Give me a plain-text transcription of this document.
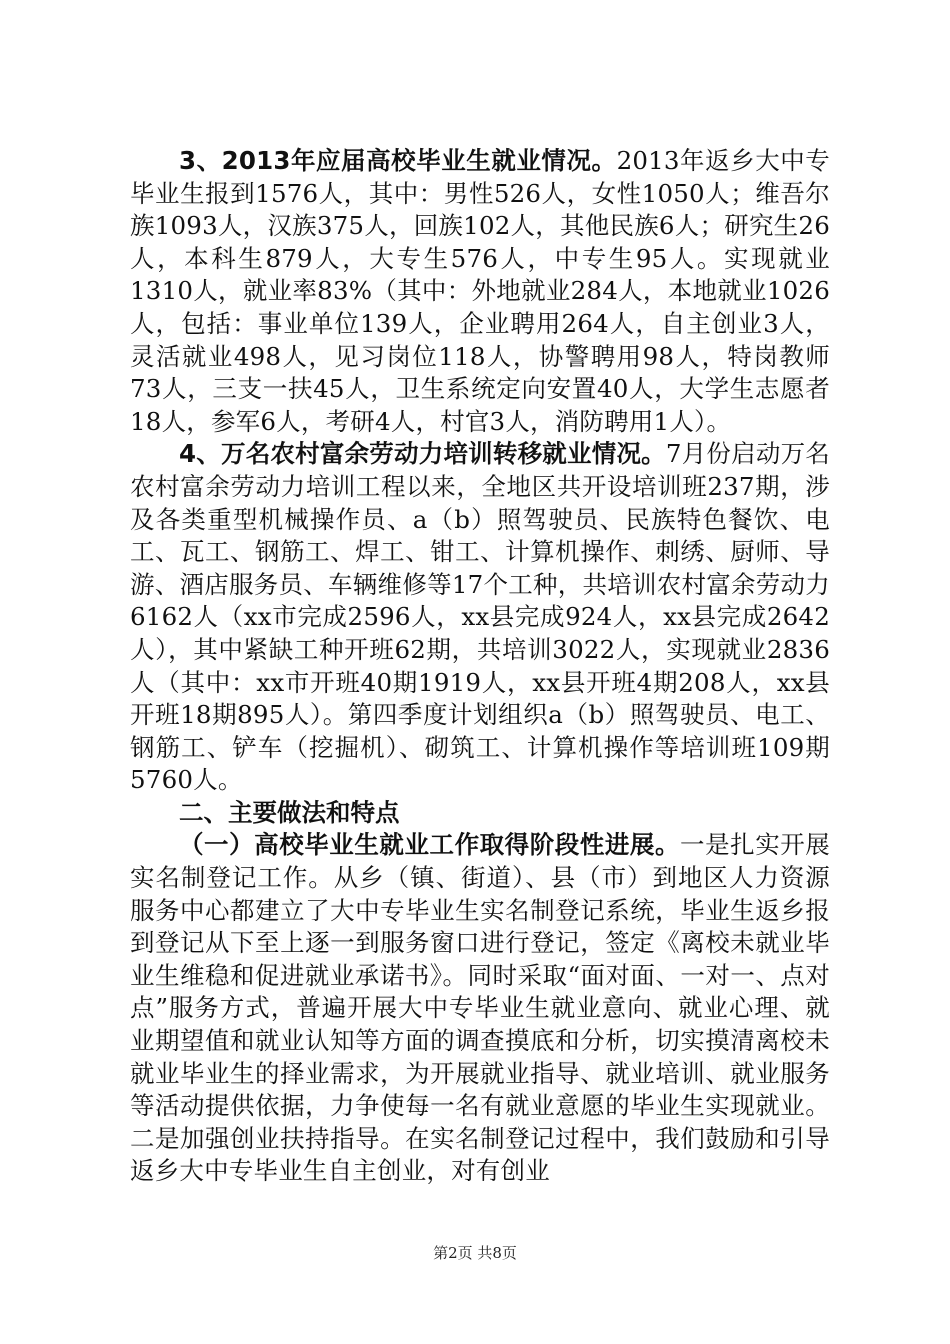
3、2013年应届高校毕业生就业情况。2013年返乡大中专毕业生报到1576人，其中：男性526人，女性1050人；维吾尔族1093人，汉族375人，回族102人，其他民族6人；研究生26人，本科生879人，大专生576人，中专生95人。实现就业1310人，就业率83%（其中：外地就业284人，本地就业1026人，包括：事业单位139人，企业聘用264人，自主创业3人，灵活就业498人，见习岗位118人，协警聘用98人，特岗教师73人，三支一扶45人，卫生系统定向安置40人，大学生志愿者18人，参军6人，考研4人，村官3人，消防聘用1人）。

4、万名农村富余劳动力培训转移就业情况。7月份启动万名农村富余劳动力培训工程以来，全地区共开设培训班237期，涉及各类重型机械操作员、a（b）照驾驶员、民族特色餐饮、电工、瓦工、钢筋工、焊工、钳工、计算机操作、刺绣、厨师、导游、酒店服务员、车辆维修等17个工种，共培训农村富余劳动力6162人（xx市完成2596人，xx县完成924人，xx县完成2642人），其中紧缺工种开班62期，共培训3022人，实现就业2836人（其中：xx市开班40期1919人，xx县开班4期208人，xx县开班18期895人）。第四季度计划组织a（b）照驾驶员、电工、钢筋工、铲车（挖掘机）、砌筑工、计算机操作等培训班109期5760人。

二、主要做法和特点

（一）高校毕业生就业工作取得阶段性进展。一是扎实开展实名制登记工作。从乡（镇、街道）、县（市）到地区人力资源服务中心都建立了大中专毕业生实名制登记系统，毕业生返乡报到登记从下至上逐一到服务窗口进行登记，签定《离校未就业毕业生维稳和促进就业承诺书》。同时采取“面对面、一对一、点对点”服务方式，普遍开展大中专毕业生就业意向、就业心理、就业期望值和就业认知等方面的调查摸底和分析，切实摸清离校未就业毕业生的择业需求，为开展就业指导、就业培训、就业服务等活动提供依据，力争使每一名有就业意愿的毕业生实现就业。二是加强创业扶持指导。在实名制登记过程中，我们鼓励和引导返乡大中专毕业生自主创业，对有创业

第2页 共8页
